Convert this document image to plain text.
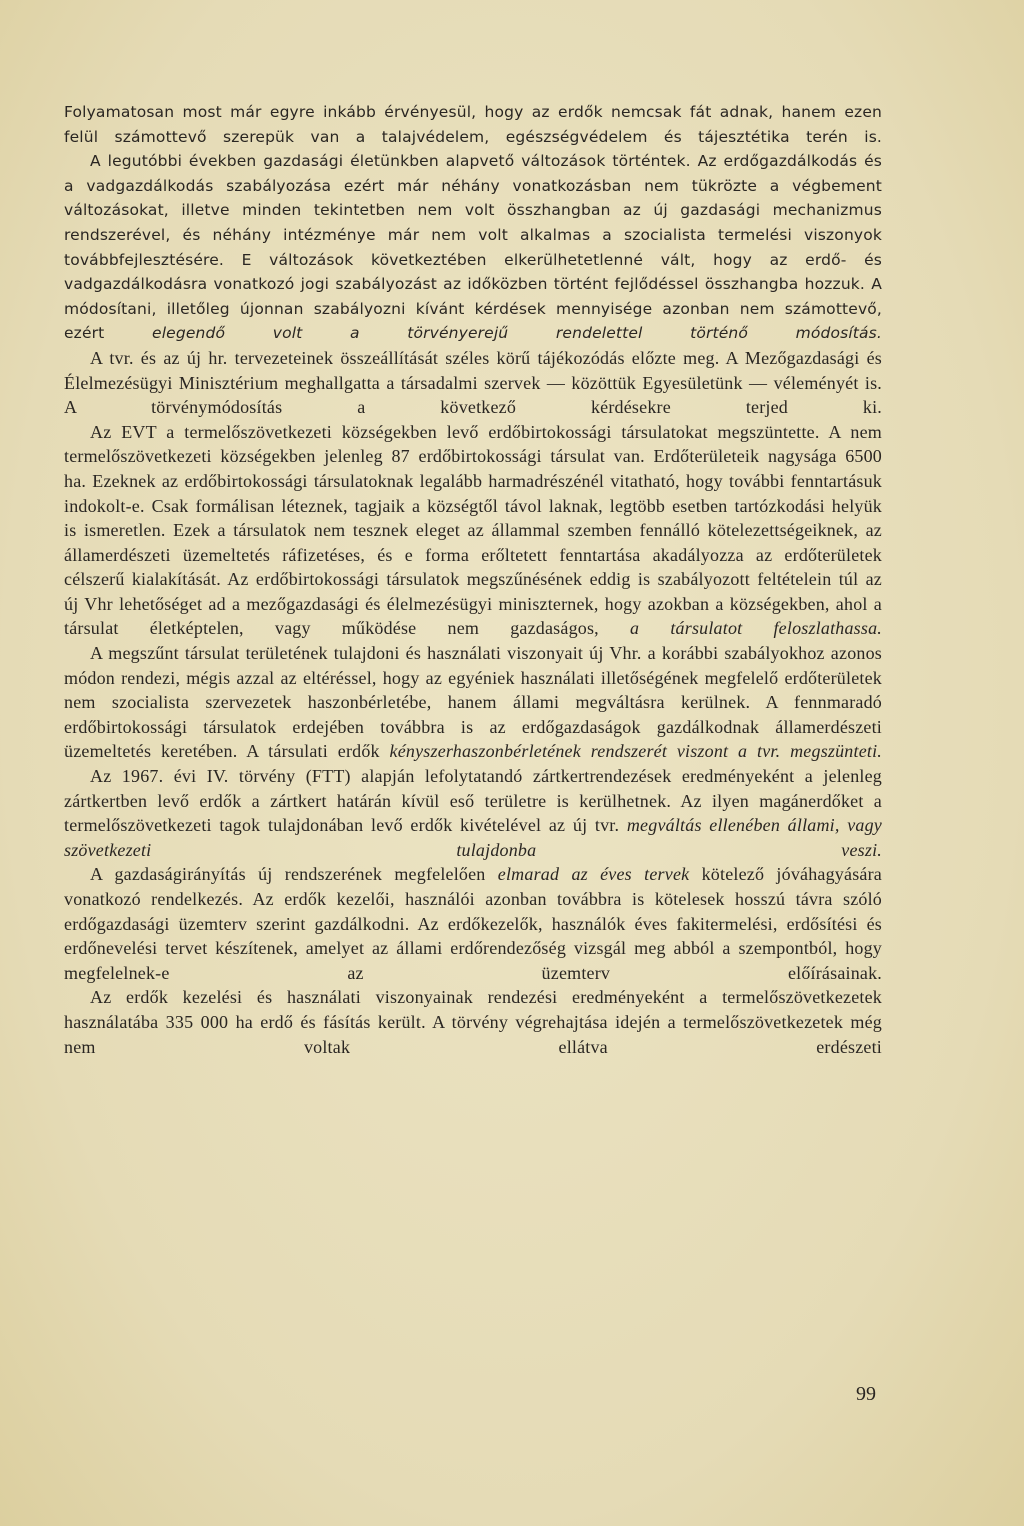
Folyamatosan most már egyre inkább érvényesül, hogy az erdők nemcsak fát adnak, hanem ezen felül számottevő szerepük van a talajvédelem, egészségvédelem és tájesztétika terén is.

A legutóbbi években gazdasági életünkben alapvető változások történtek. Az erdőgazdálkodás és a vadgazdálkodás szabályozása ezért már néhány vonatkozásban nem tükrözte a végbement változásokat, illetve minden tekintetben nem volt összhangban az új gazdasági mechanizmus rendszerével, és néhány intézménye már nem volt alkalmas a szocialista termelési viszonyok továbbfejlesztésére. E változások következtében elkerülhetetlenné vált, hogy az erdő- és vadgazdálkodásra vonatkozó jogi szabályozást az időközben történt fejlődéssel összhangba hozzuk. A módosítani, illetőleg újonnan szabályozni kívánt kérdések mennyisége azonban nem számottevő, ezért elegendő volt a törvényerejű rendelettel történő módosítás.

A tvr. és az új hr. tervezeteinek összeállítását széles körű tájékozódás előzte meg. A Mezőgazdasági és Élelmezésügyi Minisztérium meghallgatta a társadalmi szervek — közöttük Egyesületünk — véleményét is. A törvénymódosítás a következő kérdésekre terjed ki.

Az EVT a termelőszövetkezeti községekben levő erdőbirtokossági társulatokat megszüntette. A nem termelőszövetkezeti községekben jelenleg 87 erdőbirtokossági társulat van. Erdőterületeik nagysága 6500 ha. Ezeknek az erdőbirtokossági társulatoknak legalább harmadrészénél vitatható, hogy további fenntartásuk indokolt-e. Csak formálisan léteznek, tagjaik a községtől távol laknak, legtöbb esetben tartózkodási helyük is ismeretlen. Ezek a társulatok nem tesznek eleget az állammal szemben fennálló kötelezettségeiknek, az államerdészeti üzemeltetés ráfizetéses, és e forma erőltetett fenntartása akadályozza az erdőterületek célszerű kialakítását. Az erdőbirtokossági társulatok megszűnésének eddig is szabályozott feltételein túl az új Vhr lehetőséget ad a mezőgazdasági és élelmezésügyi miniszternek, hogy azokban a községekben, ahol a társulat életképtelen, vagy működése nem gazdaságos, a társulatot feloszlathassa.

A megszűnt társulat területének tulajdoni és használati viszonyait új Vhr. a korábbi szabályokhoz azonos módon rendezi, mégis azzal az eltéréssel, hogy az egyéniek használati illetőségének megfelelő erdőterületek nem szocialista szervezetek haszonbérletébe, hanem állami megváltásra kerülnek. A fennmaradó erdőbirtokossági társulatok erdejében továbbra is az erdőgazdaságok gazdálkodnak államerdészeti üzemeltetés keretében. A társulati erdők kényszerhaszonbérletének rendszerét viszont a tvr. megszünteti.

Az 1967. évi IV. törvény (FTT) alapján lefolytatandó zártkertrendezések eredményeként a jelenleg zártkertben levő erdők a zártkert határán kívül eső területre is kerülhetnek. Az ilyen magánerdőket a termelőszövetkezeti tagok tulajdonában levő erdők kivételével az új tvr. megváltás ellenében állami, vagy szövetkezeti tulajdonba veszi.

A gazdaságirányítás új rendszerének megfelelően elmarad az éves tervek kötelező jóváhagyására vonatkozó rendelkezés. Az erdők kezelői, használói azonban továbbra is kötelesek hosszú távra szóló erdőgazdasági üzemterv szerint gazdálkodni. Az erdőkezelők, használók éves fakitermelési, erdősítési és erdőnevelési tervet készítenek, amelyet az állami erdőrendezőség vizsgál meg abból a szempontból, hogy megfelelnek-e az üzemterv előírásainak.

Az erdők kezelési és használati viszonyainak rendezési eredményeként a termelőszövetkezetek használatába 335 000 ha erdő és fásítás került. A törvény végrehajtása idején a termelőszövetkezetek még nem voltak ellátva erdészeti

99
